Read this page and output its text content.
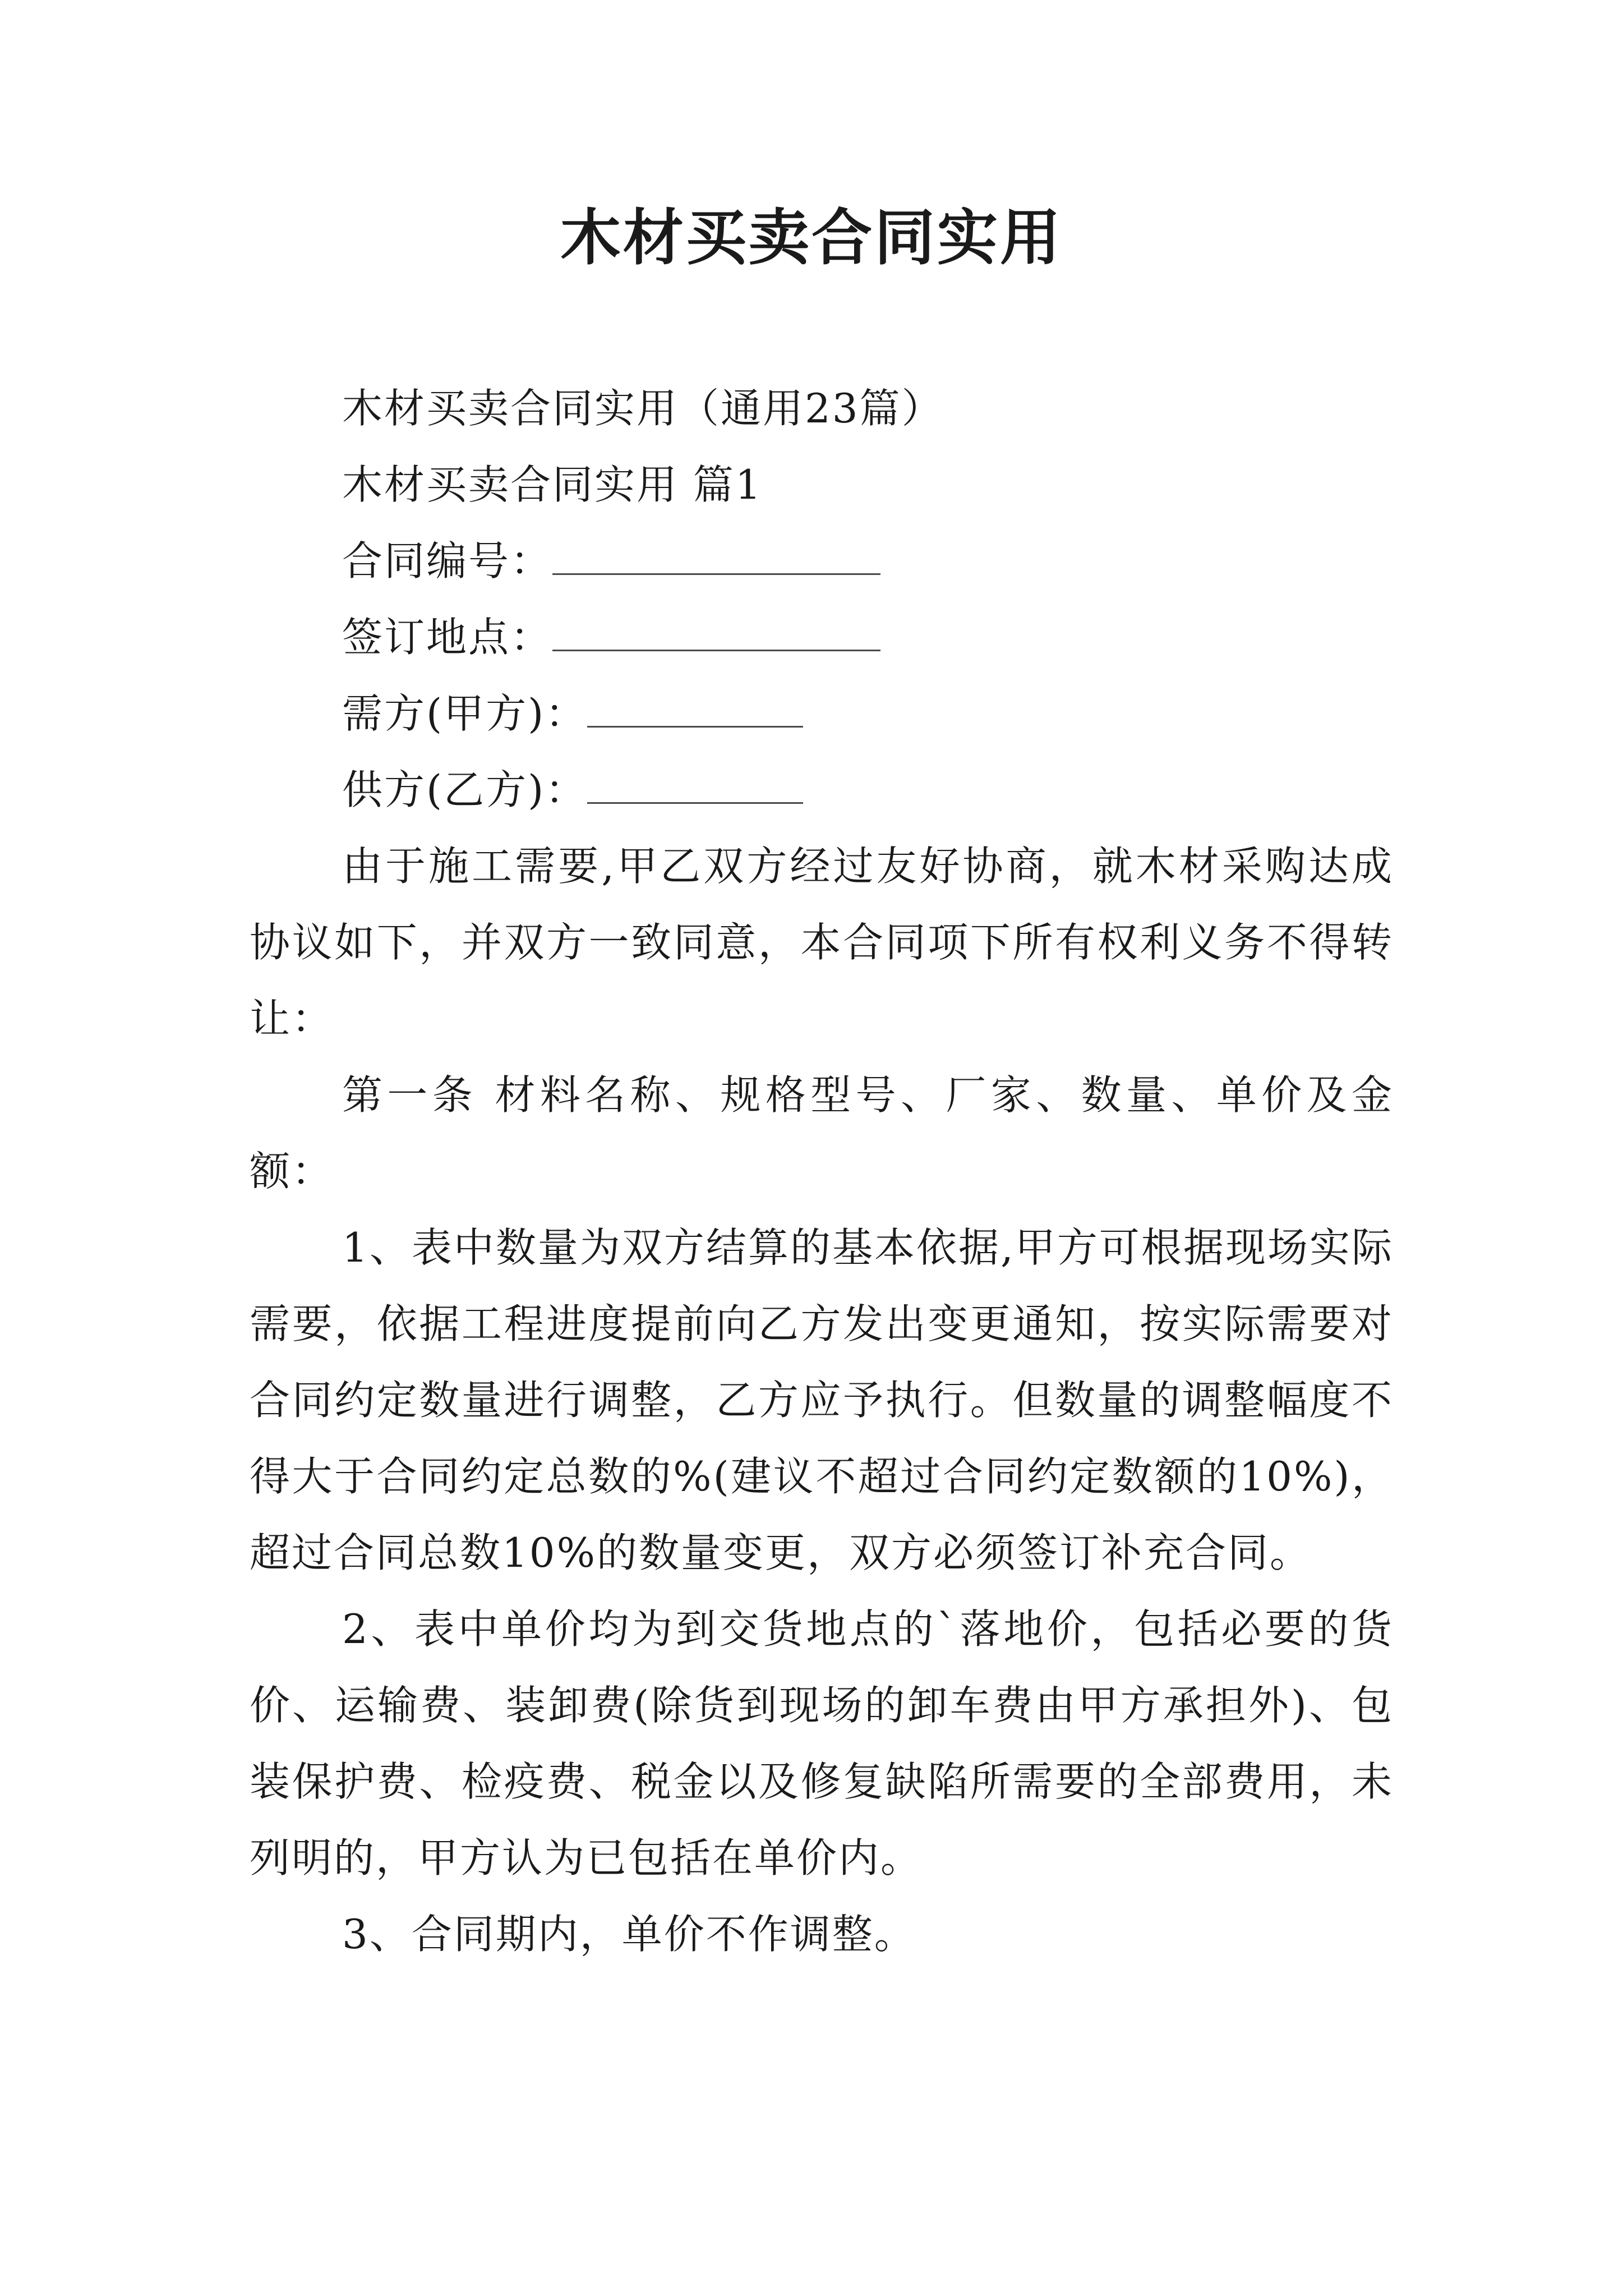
木材买卖合同实用

木材买卖合同实用（通用23篇）

木材买卖合同实用 篇1

合同编号：

签订地点：

需方(甲方)：

供方(乙方)：

由于施工需要,甲乙双方经过友好协商，就木材采购达成协议如下，并双方一致同意，本合同项下所有权利义务不得转让：

第一条 材料名称、规格型号、厂家、数量、单价及金额：

1、表中数量为双方结算的基本依据,甲方可根据现场实际需要，依据工程进度提前向乙方发出变更通知，按实际需要对合同约定数量进行调整，乙方应予执行。但数量的调整幅度不得大于合同约定总数的%(建议不超过合同约定数额的10%)，超过合同总数10%的数量变更，双方必须签订补充合同。

2、表中单价均为到交货地点的`落地价，包括必要的货价、运输费、装卸费(除货到现场的卸车费由甲方承担外)、包装保护费、检疫费、税金以及修复缺陷所需要的全部费用，未列明的，甲方认为已包括在单价内。

3、合同期内，单价不作调整。
